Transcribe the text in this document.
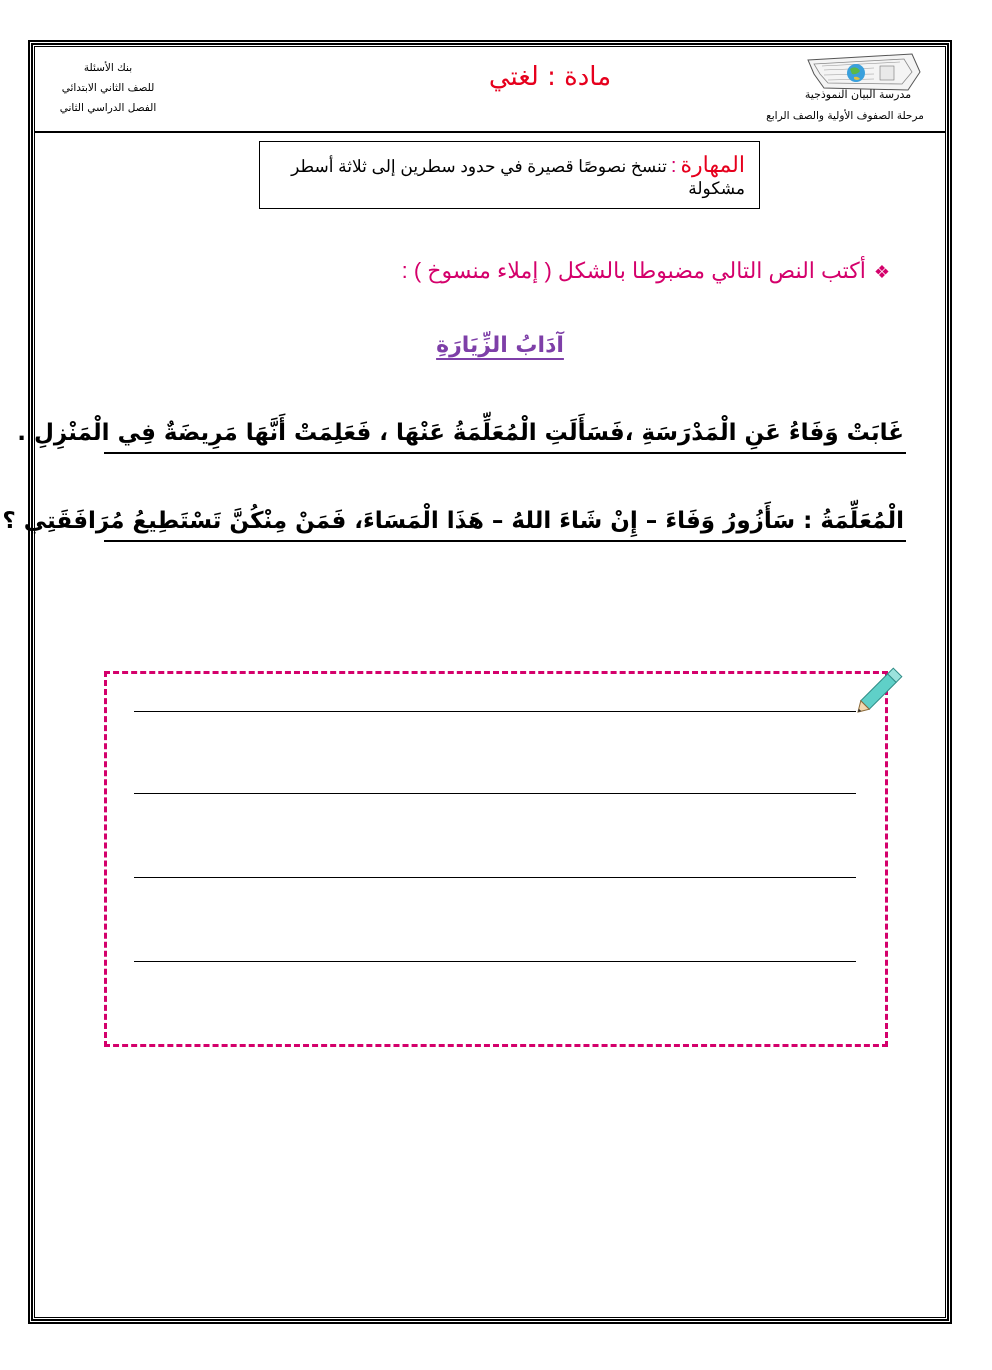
بنك الأسئلة
للصف الثاني الابتدائي
الفصل الدراسي الثاني
مادة : لغتي
مدرسة البيان النموذجية
مرحلة الصفوف الأولية والصف الرابع
المهارة:تنسخ نصوصًا قصيرة في حدود سطرين إلى ثلاثة أسطر مشكولة
❖أكتب النص التالي مضبوطا بالشكل ( إملاء منسوخ ) :
آدَابُ الزِّيَارَةِ
غَابَتْ وَفَاءُ عَنِ الْمَدْرَسَةِ ،فَسَأَلَتِ الْمُعَلِّمَةُ عَنْهَا ، فَعَلِمَتْ أَنَّهَا مَرِيضَةٌ فِي الْمَنْزِلِ .
الْمُعَلِّمَةُ : سَأَزُورُ وَفَاءَ – إِنْ شَاءَ اللهُ – هَذَا الْمَسَاءَ، فَمَنْ مِنْكُنَّ تَسْتَطِيعُ مُرَافَقَتِي ؟
